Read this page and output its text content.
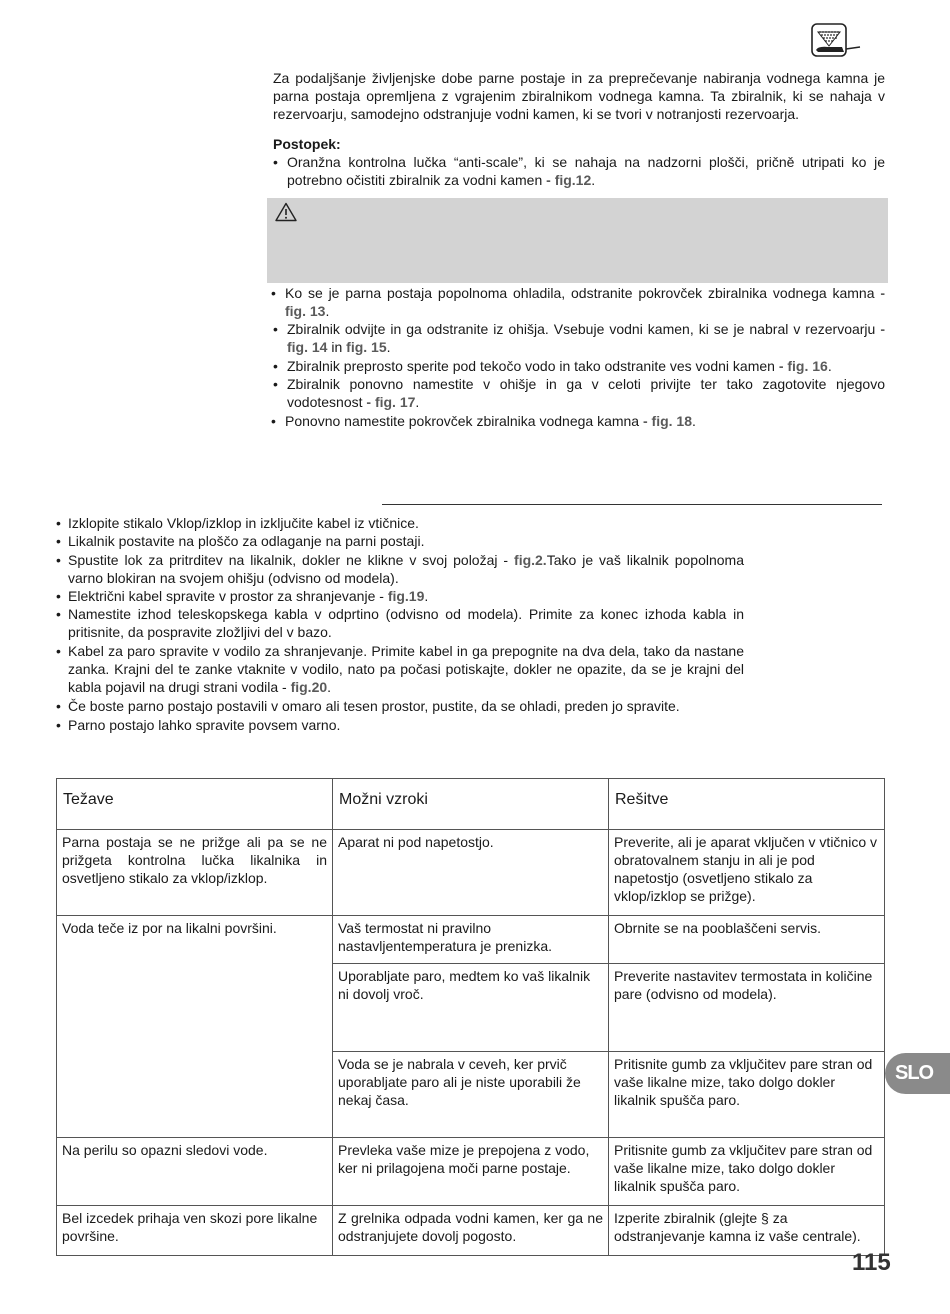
Za podaljšanje življenjske dobe parne postaje in za preprečevanje nabiranja vodnega kamna je parna postaja opremljena z vgrajenim zbiralnikom vodnega kamna. Ta zbiralnik, ki se nahaja v rezervoarju, samodejno odstranjuje vodni kamen, ki se tvori v notranjosti rezervoarja.
Postopek:
• Oranžna kontrolna lučka “anti-scale”, ki se nahaja na nadzorni plošči, pričně utripati ko je potrebno očistiti zbiralnik za vodni kamen - fig.12.
• Ko se je parna postaja popolnoma ohladila, odstranite pokrovček zbiralnika vodnega kamna - fig. 13.
• Zbiralnik odvijte in ga odstranite iz ohišja. Vsebuje vodni kamen, ki se je nabral v rezervoarju - fig. 14 in fig. 15.
• Zbiralnik preprosto sperite pod tekočo vodo in tako odstranite ves vodni kamen - fig. 16.
• Zbiralnik ponovno namestite v ohišje in ga v celoti privijte ter tako zagotovite njegovo vodotesnost - fig. 17.
• Ponovno namestite pokrovček zbiralnika vodnega kamna - fig. 18.
• Izklopite stikalo Vklop/izklop in izključite kabel iz vtičnice.
• Likalnik postavite na ploščo za odlaganje na parni postaji.
• Spustite lok za pritrditev na likalnik, dokler ne klikne v svoj položaj - fig.2.Tako je vaš likalnik popolnoma varno blokiran na svojem ohišju (odvisno od modela).
• Električni kabel spravite v prostor za shranjevanje - fig.19.
• Namestite izhod teleskopskega kabla v odprtino (odvisno od modela). Primite za konec izhoda kabla in pritisnite, da pospravite zložljivi del v bazo.
• Kabel za paro spravite v vodilo za shranjevanje. Primite kabel in ga prepognite na dva dela, tako da nastane zanka. Krajni del te zanke vtaknite v vodilo, nato pa počasi potiskajte, dokler ne opazite, da se je krajni del kabla pojavil na drugi strani vodila - fig.20.
• Če boste parno postajo postavili v omaro ali tesen prostor, pustite, da se ohladi, preden jo spravite.
• Parno postajo lahko spravite povsem varno.
Težave	Možni vzroki	Rešitve
Parna postaja se ne prižge ali pa se ne prižgeta kontrolna lučka likalnika in osvetljeno stikalo za vklop/izklop.	Aparat ni pod napetostjo.	Preverite, ali je aparat vključen v vtičnico v obratovalnem stanju in ali je pod napetostjo (osvetljeno stikalo za vklop/izklop se prižge).
Voda teče iz por na likalni površini.	Vaš termostat ni pravilno nastavljentemperatura je prenizka.	Obrnite se na pooblaščeni servis.
	Uporabljate paro, medtem ko vaš likalnik ni dovolj vroč.	Preverite nastavitev termostata in količine pare (odvisno od modela).
	Voda se je nabrala v ceveh, ker prvič uporabljate paro ali je niste uporabili že nekaj časa.	Pritisnite gumb za vključitev pare stran od vaše likalne mize, tako dolgo dokler likalnik spušča paro.
Na perilu so opazni sledovi vode.	Prevleka vaše mize je prepojena z vodo, ker ni prilagojena moči parne postaje.	Pritisnite gumb za vključitev pare stran od vaše likalne mize, tako dolgo dokler likalnik spušča paro.
Bel izcedek prihaja ven skozi pore likalne površine.	Z grelnika odpada vodni kamen, ker ga ne odstranjujete dovolj pogosto.	Izperite zbiralnik (glejte § za odstranjevanje kamna iz vaše centrale).
SLO
115
